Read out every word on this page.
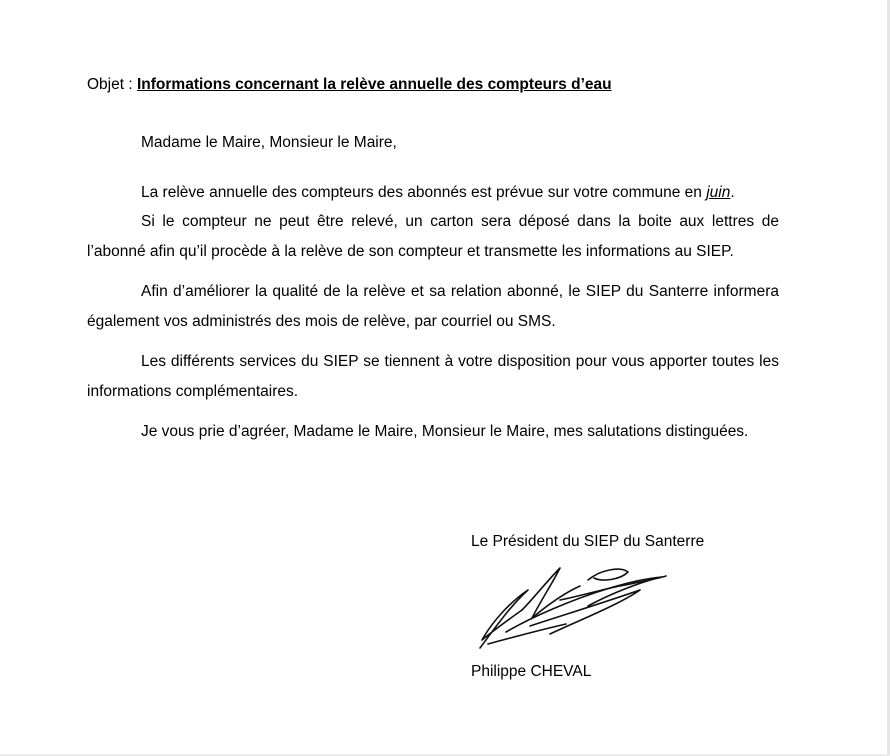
Objet : Informations concernant la relève annuelle des compteurs d’eau

Madame le Maire, Monsieur le Maire,

La relève annuelle des compteurs des abonnés est prévue sur votre commune en juin.

Si le compteur ne peut être relevé, un carton sera déposé dans la boite aux lettres de l’abonné afin qu’il procède à la relève de son compteur et transmette les informations au SIEP.

Afin d’améliorer la qualité de la relève et sa relation abonné, le SIEP du Santerre informera également vos administrés des mois de relève, par courriel ou SMS.

Les différents services du SIEP se tiennent à votre disposition pour vous apporter toutes les informations complémentaires.

Je vous prie d’agréer, Madame le Maire, Monsieur le Maire, mes salutations distinguées.

Le Président du SIEP du Santerre
Philippe CHEVAL
